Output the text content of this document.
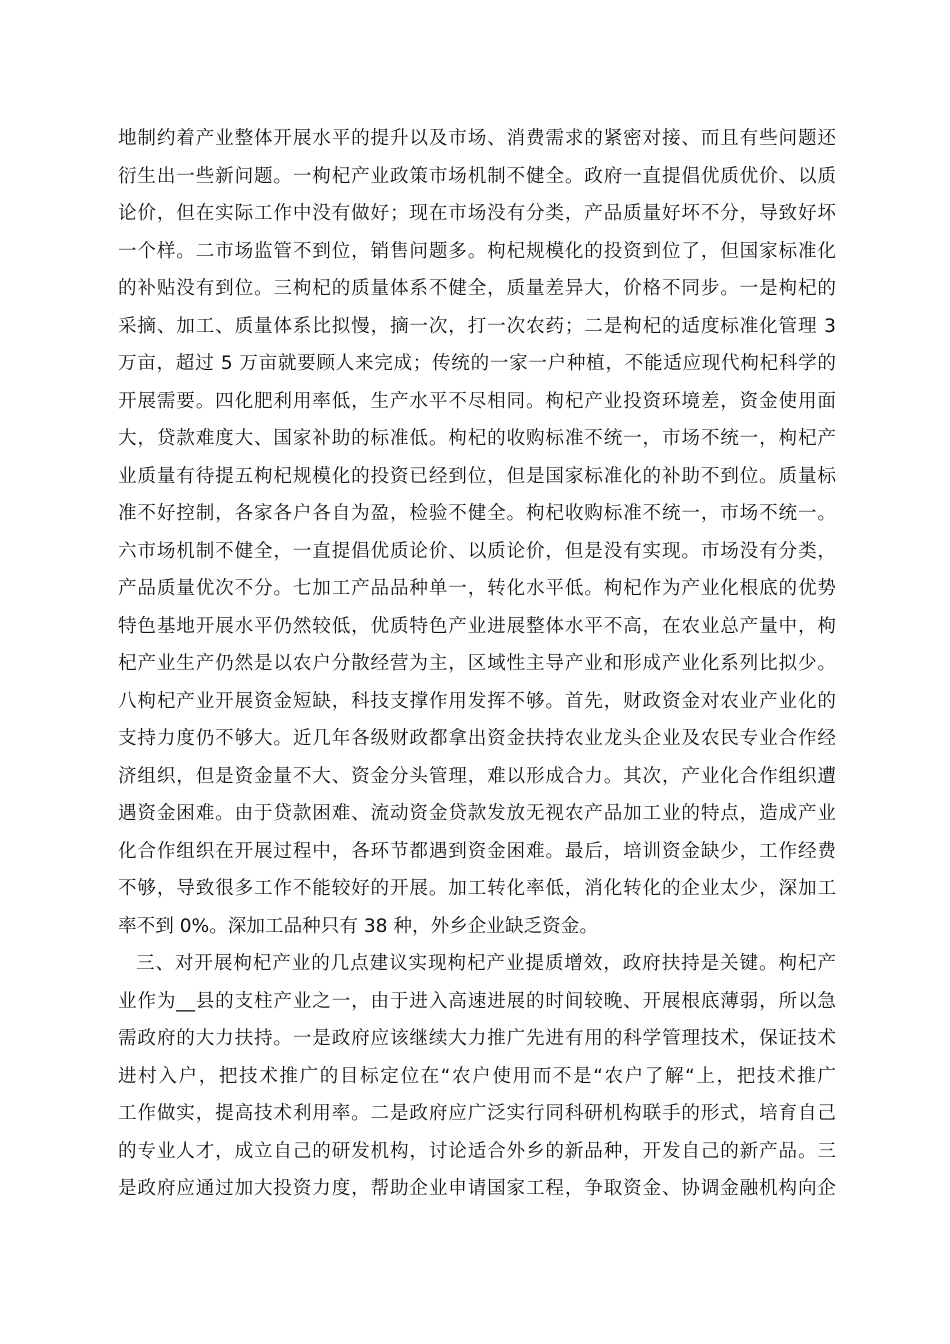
地制约着产业整体开展水平的提升以及市场、消费需求的紧密对接、而且有些问题还
衍生出一些新问题。一枸杞产业政策市场机制不健全。政府一直提倡优质优价、以质
论价，但在实际工作中没有做好；现在市场没有分类，产品质量好坏不分，导致好坏
一个样。二市场监管不到位，销售问题多。枸杞规模化的投资到位了，但国家标准化
的补贴没有到位。三枸杞的质量体系不健全，质量差异大，价格不同步。一是枸杞的
采摘、加工、质量体系比拟慢，摘一次，打一次农药；二是枸杞的适度标准化管理 3
万亩，超过 5 万亩就要顾人来完成；传统的一家一户种植，不能适应现代枸杞科学的
开展需要。四化肥利用率低，生产水平不尽相同。枸杞产业投资环境差，资金使用面
大，贷款难度大、国家补助的标准低。枸杞的收购标准不统一，市场不统一，枸杞产
业质量有待提五枸杞规模化的投资已经到位，但是国家标准化的补助不到位。质量标
准不好控制，各家各户各自为盈，检验不健全。枸杞收购标准不统一，市场不统一。
六市场机制不健全，一直提倡优质论价、以质论价，但是没有实现。市场没有分类，
产品质量优次不分。七加工产品品种单一，转化水平低。枸杞作为产业化根底的优势
特色基地开展水平仍然较低，优质特色产业进展整体水平不高，在农业总产量中，枸
杞产业生产仍然是以农户分散经营为主，区域性主导产业和形成产业化系列比拟少。
八枸杞产业开展资金短缺，科技支撑作用发挥不够。首先，财政资金对农业产业化的
支持力度仍不够大。近几年各级财政都拿出资金扶持农业龙头企业及农民专业合作经
济组织，但是资金量不大、资金分头管理，难以形成合力。其次，产业化合作组织遭
遇资金困难。由于贷款困难、流动资金贷款发放无视农产品加工业的特点，造成产业
化合作组织在开展过程中，各环节都遇到资金困难。最后，培训资金缺少，工作经费
不够，导致很多工作不能较好的开展。加工转化率低，消化转化的企业太少，深加工
率不到 0%。深加工品种只有 38 种，外乡企业缺乏资金。
三、对开展枸杞产业的几点建议实现枸杞产业提质增效，政府扶持是关键。枸杞产
业作为__县的支柱产业之一，由于进入高速进展的时间较晚、开展根底薄弱，所以急
需政府的大力扶持。一是政府应该继续大力推广先进有用的科学管理技术，保证技术
进村入户，把技术推广的目标定位在“农户使用而不是“农户了解“上，把技术推广
工作做实，提高技术利用率。二是政府应广泛实行同科研机构联手的形式，培育自己
的专业人才，成立自己的研发机构，讨论适合外乡的新品种，开发自己的新产品。三
是政府应通过加大投资力度，帮助企业申请国家工程，争取资金、协调金融机构向企
